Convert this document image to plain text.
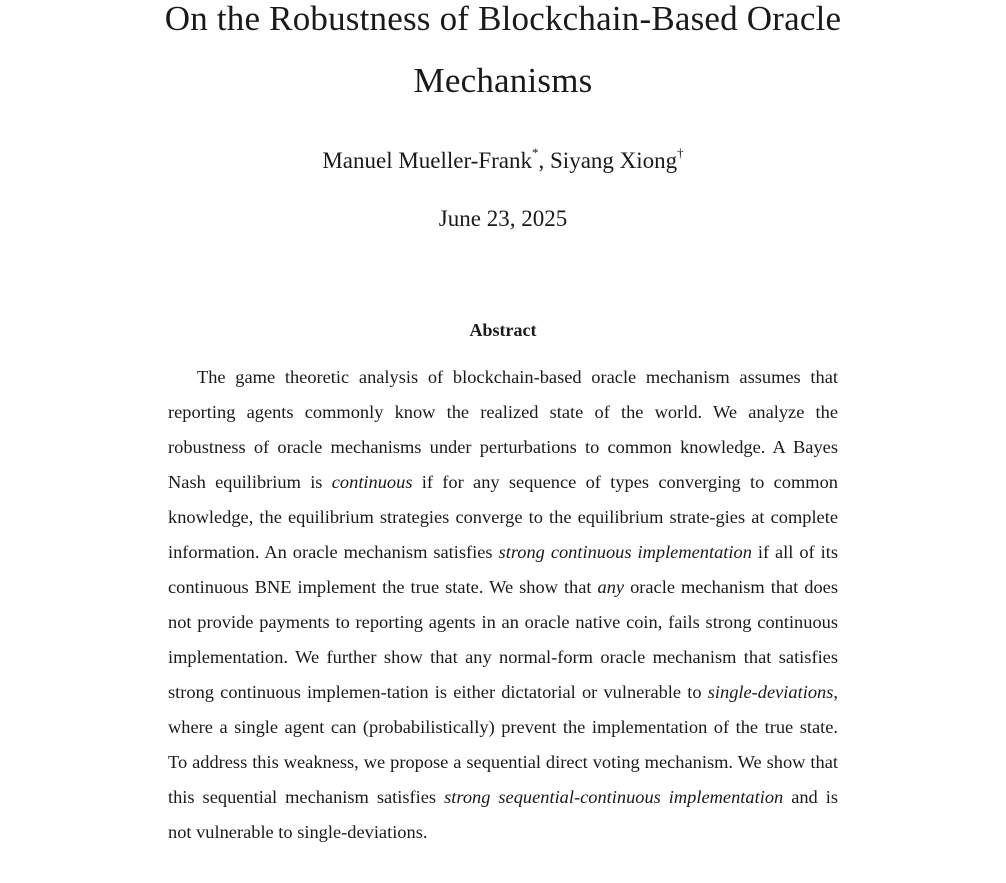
On the Robustness of Blockchain-Based Oracle Mechanisms
Manuel Mueller-Frank*, Siyang Xiong†
June 23, 2025
Abstract

The game theoretic analysis of blockchain-based oracle mechanism assumes that reporting agents commonly know the realized state of the world. We analyze the robustness of oracle mechanisms under perturbations to common knowledge. A Bayes Nash equilibrium is continuous if for any sequence of types converging to common knowledge, the equilibrium strategies converge to the equilibrium strate-gies at complete information. An oracle mechanism satisfies strong continuous implementation if all of its continuous BNE implement the true state. We show that any oracle mechanism that does not provide payments to reporting agents in an oracle native coin, fails strong continuous implementation. We further show that any normal-form oracle mechanism that satisfies strong continuous implemen-tation is either dictatorial or vulnerable to single-deviations, where a single agent can (probabilistically) prevent the implementation of the true state. To address this weakness, we propose a sequential direct voting mechanism. We show that this sequential mechanism satisfies strong sequential-continuous implementation and is not vulnerable to single-deviations.
